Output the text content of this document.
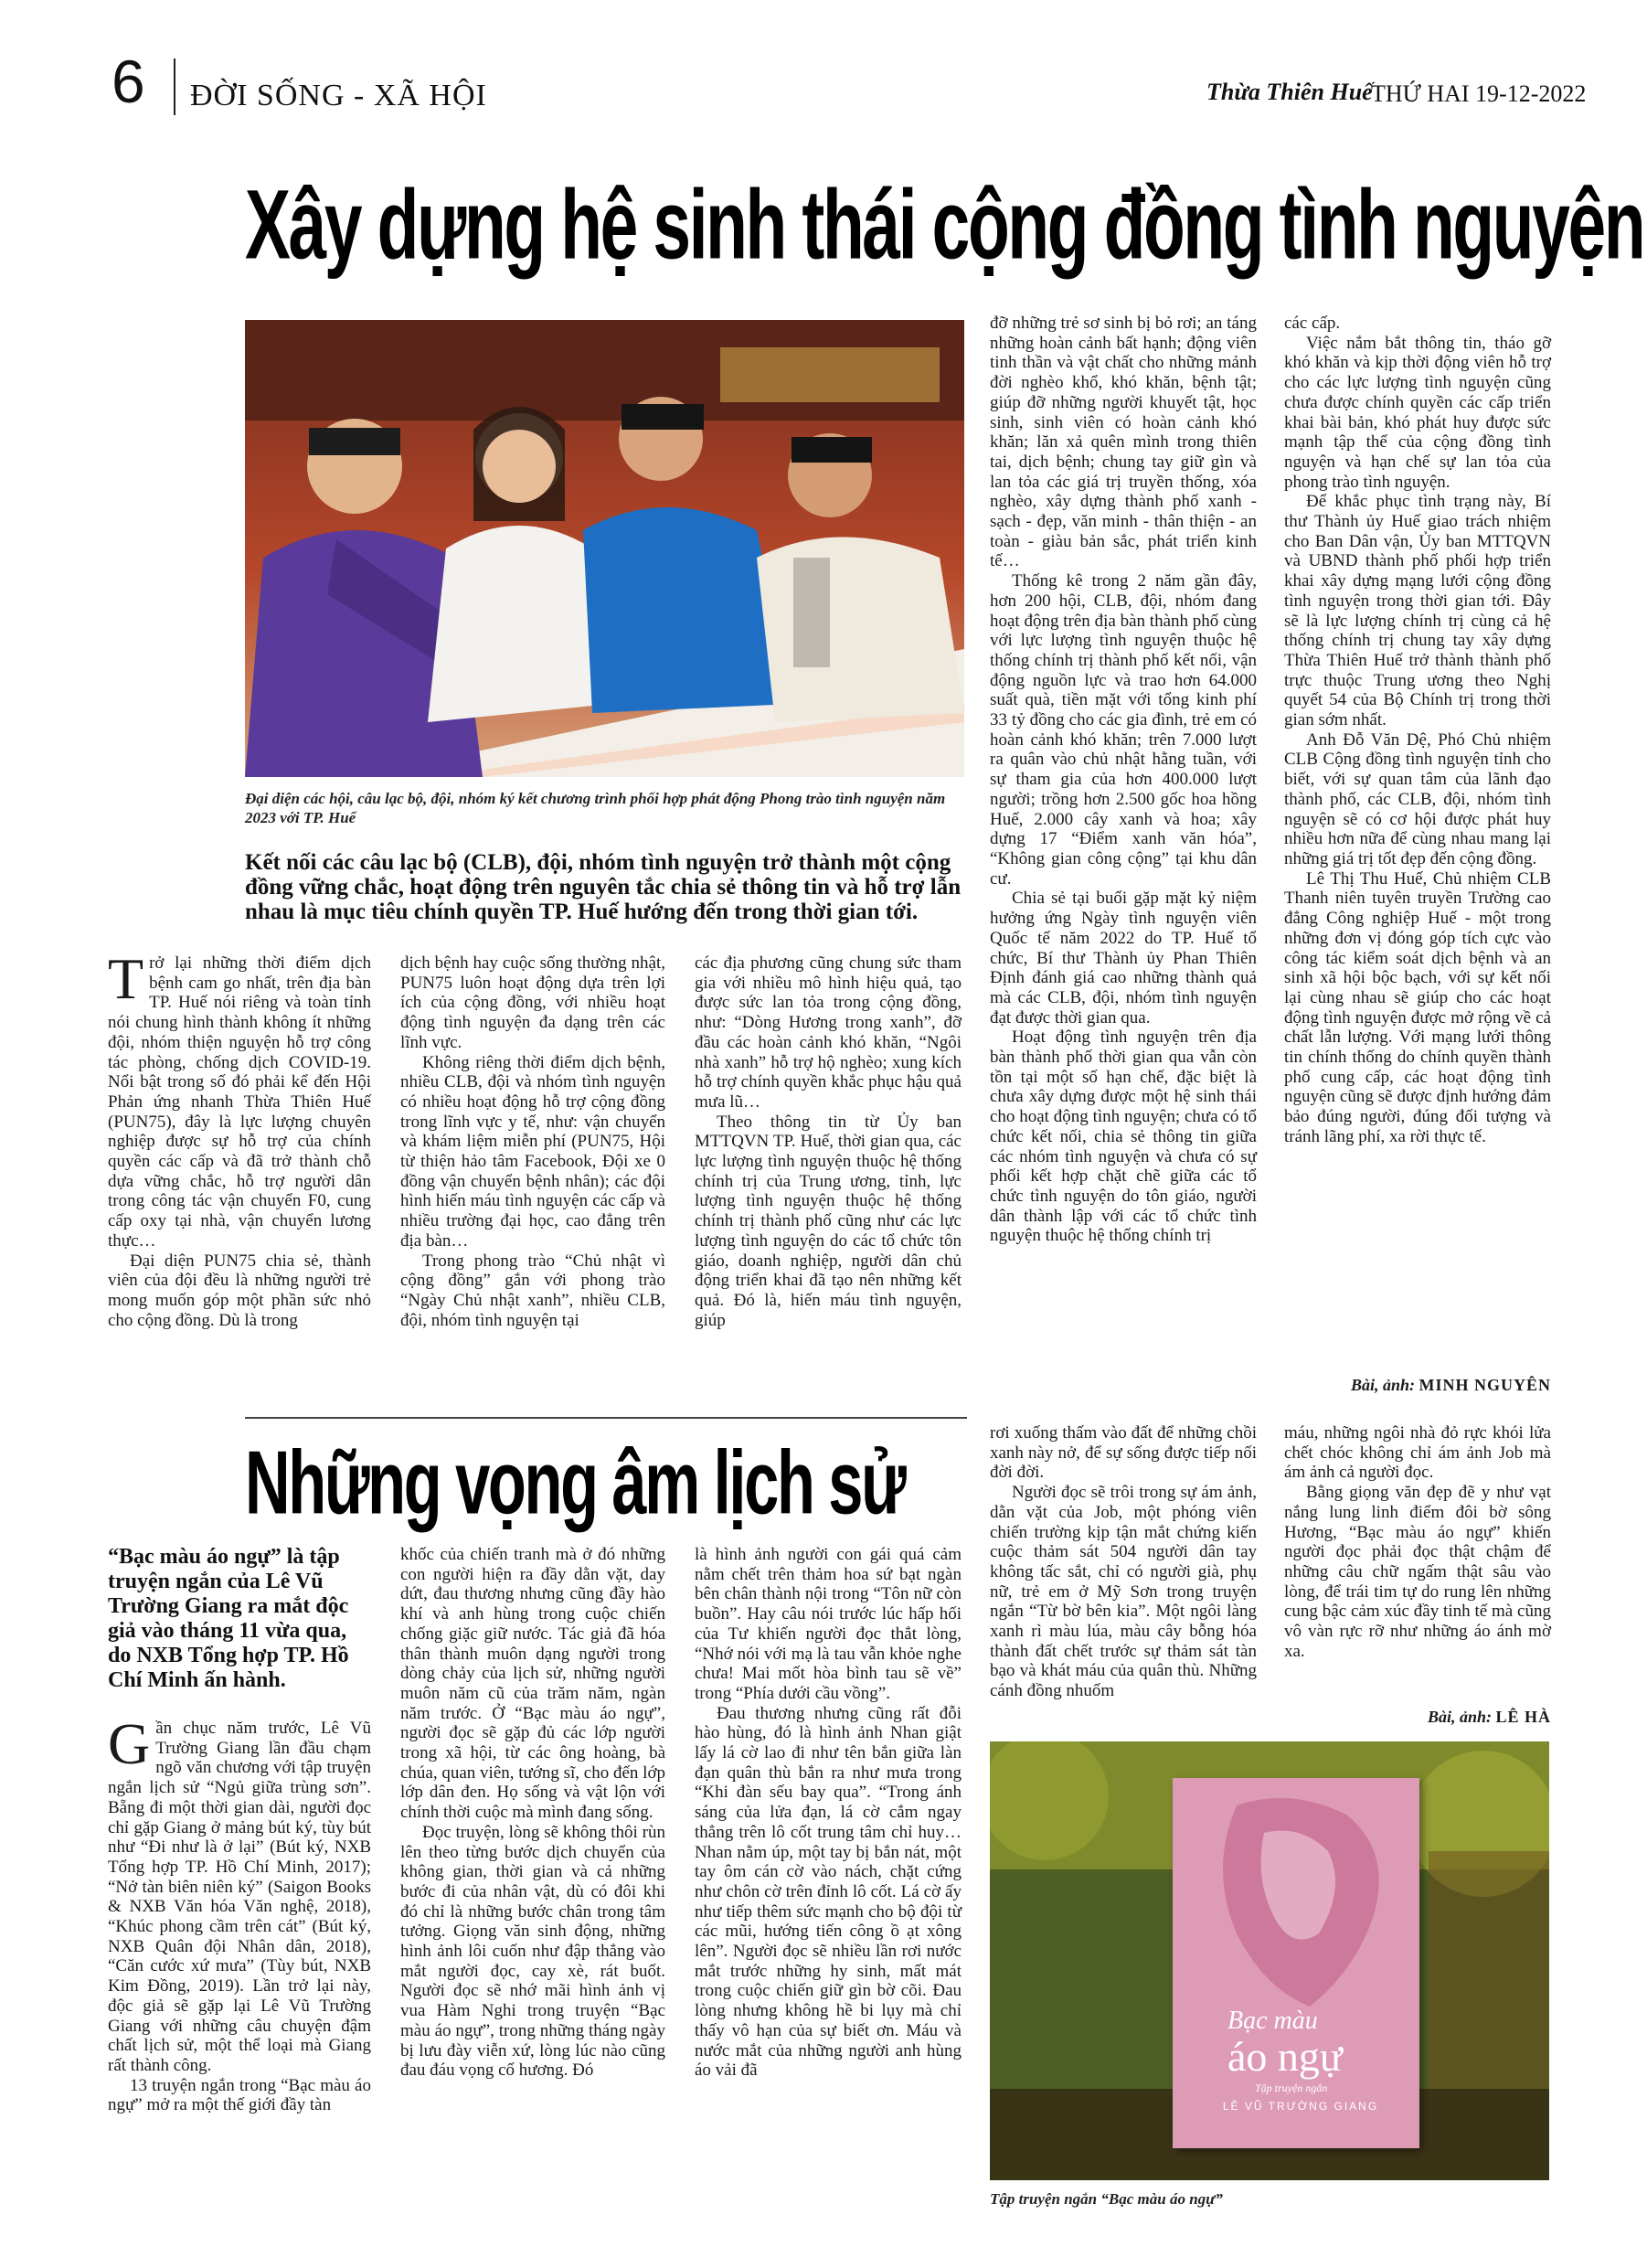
6 ĐỜI SỐNG - XÃ HỘI	Thừa Thiên Huế
THỨ HAI 19-12-2022
Xây dựng hệ sinh thái cộng đồng tình nguyện
Đại diện các hội, câu lạc bộ, đội, nhóm ký kết chương trình phối hợp phát động Phong trào tình nguyện năm 2023 với TP. Huế
Kết nối các câu lạc bộ (CLB), đội, nhóm tình nguyện trở thành một cộng đồng vững chắc, hoạt động trên nguyên tắc chia sẻ thông tin và hỗ trợ lẫn nhau là mục tiêu chính quyền TP. Huế hướng đến trong thời gian tới.
T rở lại những thời điểm dịch bệnh cam go nhất, trên địa bàn TP. Huế nói riêng và toàn tỉnh nói chung hình thành không ít những đội, nhóm thiện nguyện hỗ trợ công tác phòng, chống dịch COVID-19. Nổi bật trong số đó phải kể đến Hội Phản ứng nhanh Thừa Thiên Huế (PUN75), đây là lực lượng chuyên nghiệp được sự hỗ trợ của chính quyền các cấp và đã trở thành chỗ dựa vững chắc, hỗ trợ người dân trong công tác vận chuyển F0, cung cấp oxy tại nhà, vận chuyển lương thực…

Đại diện PUN75 chia sẻ, thành viên của đội đều là những người trẻ mong muốn góp một phần sức nhỏ cho cộng đồng. Dù là trong

dịch bệnh hay cuộc sống thường nhật, PUN75 luôn hoạt động dựa trên lợi ích của cộng đồng, với nhiều hoạt động tình nguyện đa dạng trên các lĩnh vực.

Không riêng thời điểm dịch bệnh, nhiều CLB, đội và nhóm tình nguyện có nhiều hoạt động hỗ trợ cộng đồng trong lĩnh vực y tế, như: vận chuyển và khám liệm miễn phí (PUN75, Hội từ thiện hảo tâm Facebook, Đội xe 0 đồng vận chuyển bệnh nhân); các đội hình hiến máu tình nguyện các cấp và nhiều trường đại học, cao đẳng trên địa bàn…

Trong phong trào “Chủ nhật vì cộng đồng” gắn với phong trào “Ngày Chủ nhật xanh”, nhiều CLB, đội, nhóm tình nguyện tại

các địa phương cũng chung sức tham gia với nhiều mô hình hiệu quả, tạo được sức lan tỏa trong cộng đồng, như: “Dòng Hương trong xanh”, đỡ đầu các hoàn cảnh khó khăn, “Ngôi nhà xanh” hỗ trợ hộ nghèo; xung kích hỗ trợ chính quyền khắc phục hậu quả mưa lũ…

Theo thông tin từ Ủy ban MTTQVN TP. Huế, thời gian qua, các lực lượng tình nguyện thuộc hệ thống chính trị của Trung ương, tỉnh, lực lượng tình nguyện thuộc hệ thống chính trị thành phố cũng như các lực lượng tình nguyện do các tổ chức tôn giáo, doanh nghiệp, người dân chủ động triển khai đã tạo nên những kết quả. Đó là, hiến máu tình nguyện, giúp

đỡ những trẻ sơ sinh bị bỏ rơi; an táng những hoàn cảnh bất hạnh; động viên tinh thần và vật chất cho những mảnh đời nghèo khổ, khó khăn, bệnh tật; giúp đỡ những người khuyết tật, học sinh, sinh viên có hoàn cảnh khó khăn; lăn xả quên mình trong thiên tai, dịch bệnh; chung tay giữ gìn và lan tỏa các giá trị truyền thống, xóa nghèo, xây dựng thành phố xanh - sạch - đẹp, văn minh - thân thiện - an toàn - giàu bản sắc, phát triển kinh tế…

Thống kê trong 2 năm gần đây, hơn 200 hội, CLB, đội, nhóm đang hoạt động trên địa bàn thành phố cùng với lực lượng tình nguyện thuộc hệ thống chính trị thành phố kết nối, vận động nguồn lực và trao hơn 64.000 suất quà, tiền mặt với tổng kinh phí 33 tỷ đồng cho các gia đình, trẻ em có hoàn cảnh khó khăn; trên 7.000 lượt ra quân vào chủ nhật hằng tuần, với sự tham gia của hơn 400.000 lượt người; trồng hơn 2.500 gốc hoa hồng Huế, 2.000 cây xanh và hoa; xây dựng 17 “Điểm xanh văn hóa”, “Không gian công cộng” tại khu dân cư.

Chia sẻ tại buổi gặp mặt kỷ niệm hưởng ứng Ngày tình nguyện viên Quốc tế năm 2022 do TP. Huế tổ chức, Bí thư Thành ủy Phan Thiên Định đánh giá cao những thành quả mà các CLB, đội, nhóm tình nguyện đạt được thời gian qua.

Hoạt động tình nguyện trên địa bàn thành phố thời gian qua vẫn còn tồn tại một số hạn chế, đặc biệt là chưa xây dựng được một hệ sinh thái cho hoạt động tình nguyện; chưa có tổ chức kết nối, chia sẻ thông tin giữa các nhóm tình nguyện và chưa có sự phối kết hợp chặt chẽ giữa các tổ chức tình nguyện do tôn giáo, người dân thành lập với các tổ chức tình nguyện thuộc hệ thống chính trị

các cấp.

Việc nắm bắt thông tin, tháo gỡ khó khăn và kịp thời động viên hỗ trợ cho các lực lượng tình nguyện cũng chưa được chính quyền các cấp triển khai bài bản, khó phát huy được sức mạnh tập thể của cộng đồng tình nguyện và hạn chế sự lan tỏa của phong trào tình nguyện.

Để khắc phục tình trạng này, Bí thư Thành ủy Huế giao trách nhiệm cho Ban Dân vận, Ủy ban MTTQVN và UBND thành phố phối hợp triển khai xây dựng mạng lưới cộng đồng tình nguyện trong thời gian tới. Đây sẽ là lực lượng chính trị cùng cả hệ thống chính trị chung tay xây dựng Thừa Thiên Huế trở thành thành phố trực thuộc Trung ương theo Nghị quyết 54 của Bộ Chính trị trong thời gian sớm nhất.

Anh Đỗ Văn Dệ, Phó Chủ nhiệm CLB Cộng đồng tình nguyện tỉnh cho biết, với sự quan tâm của lãnh đạo thành phố, các CLB, đội, nhóm tình nguyện sẽ có cơ hội được phát huy nhiều hơn nữa để cùng nhau mang lại những giá trị tốt đẹp đến cộng đồng.

Lê Thị Thu Huế, Chủ nhiệm CLB Thanh niên tuyên truyền Trường cao đẳng Công nghiệp Huế - một trong những đơn vị đóng góp tích cực vào công tác kiểm soát dịch bệnh và an sinh xã hội bộc bạch, với sự kết nối lại cùng nhau sẽ giúp cho các hoạt động tình nguyện được mở rộng về cả chất lẫn lượng. Với mạng lưới thông tin chính thống do chính quyền thành phố cung cấp, các hoạt động tình nguyện cũng sẽ được định hướng đảm bảo đúng người, đúng đối tượng và tránh lãng phí, xa rời thực tế.

Bài, ảnh: MINH NGUYÊN
Những vọng âm lịch sử
“Bạc màu áo ngự” là tập truyện ngắn của Lê Vũ Trường Giang ra mắt độc giả vào tháng 11 vừa qua, do NXB Tổng hợp TP. Hồ Chí Minh ấn hành.
G ần chục năm trước, Lê Vũ Trường Giang lần đầu chạm ngõ văn chương với tập truyện ngắn lịch sử “Ngủ giữa trùng sơn”. Bẵng đi một thời gian dài, người đọc chỉ gặp Giang ở mảng bút ký, tùy bút như “Đi như là ở lại” (Bút ký, NXB Tổng hợp TP. Hồ Chí Minh, 2017); “Nở tàn biên niên ký” (Saigon Books & NXB Văn hóa Văn nghệ, 2018), “Khúc phong cầm trên cát” (Bút ký, NXB Quân đội Nhân dân, 2018), “Căn cước xứ mưa” (Tùy bút, NXB Kim Đồng, 2019). Lần trở lại này, độc giả sẽ gặp lại Lê Vũ Trường Giang với những câu chuyện đậm chất lịch sử, một thể loại mà Giang rất thành công.

13 truyện ngắn trong “Bạc màu áo ngự” mở ra một thế giới đầy tàn

khốc của chiến tranh mà ở đó những con người hiện ra đầy dằn vặt, day dứt, đau thương nhưng cũng đầy hào khí và anh hùng trong cuộc chiến chống giặc giữ nước. Tác giả đã hóa thân thành muôn dạng người trong dòng chảy của lịch sử, những người muôn năm cũ của trăm năm, ngàn năm trước. Ở “Bạc màu áo ngự”, người đọc sẽ gặp đủ các lớp người trong xã hội, từ các ông hoàng, bà chúa, quan viên, tướng sĩ, cho đến lớp lớp dân đen. Họ sống và vật lộn với chính thời cuộc mà mình đang sống.

Đọc truyện, lòng sẽ không thôi rùn lên theo từng bước dịch chuyển của không gian, thời gian và cả những bước đi của nhân vật, dù có đôi khi đó chỉ là những bước chân trong tâm tưởng. Giọng văn sinh động, những hình ảnh lôi cuốn như đập thẳng vào mắt người đọc, cay xè, rát buốt. Người đọc sẽ nhớ mãi hình ảnh vị vua Hàm Nghi trong truyện “Bạc màu áo ngự”, trong những tháng ngày bị lưu đày viễn xứ, lòng lúc nào cũng đau đáu vọng cố hương. Đó

là hình ảnh người con gái quá cảm nằm chết trên thảm hoa sứ bạt ngàn bên chân thành nội trong “Tôn nữ còn buồn”. Hay câu nói trước lúc hấp hối của Tư khiến người đọc thắt lòng, “Nhớ nói với mạ là tau vẫn khỏe nghe chưa! Mai mốt hòa bình tau sẽ về” trong “Phía dưới cầu vồng”.

Đau thương nhưng cũng rất đỗi hào hùng, đó là hình ảnh Nhan giật lấy lá cờ lao đi như tên bắn giữa làn đạn quân thù bắn ra như mưa trong “Khi đàn sếu bay qua”. “Trong ánh sáng của lửa đạn, lá cờ cắm ngay thẳng trên lô cốt trung tâm chỉ huy… Nhan nằm úp, một tay bị bắn nát, một tay ôm cán cờ vào nách, chặt cứng như chôn cờ trên đỉnh lô cốt. Lá cờ ấy như tiếp thêm sức mạnh cho bộ đội từ các mũi, hướng tiến công ồ ạt xông lên”. Người đọc sẽ nhiều lần rơi nước mắt trước những hy sinh, mất mát trong cuộc chiến giữ gìn bờ cõi. Đau lòng nhưng không hề bi lụy mà chỉ thấy vô hạn của sự biết ơn. Máu và nước mắt của những người anh hùng áo vải đã

rơi xuống thấm vào đất để những chồi xanh này nở, để sự sống được tiếp nối đời đời.

Người đọc sẽ trôi trong sự ám ảnh, dằn vặt của Job, một phóng viên chiến trường kịp tận mắt chứng kiến cuộc thảm sát 504 người dân tay không tấc sắt, chỉ có người già, phụ nữ, trẻ em ở Mỹ Sơn trong truyện ngắn “Từ bờ bên kia”. Một ngôi làng xanh rì màu lúa, màu cây bỗng hóa thành đất chết trước sự thảm sát tàn bạo và khát máu của quân thù. Những cánh đồng nhuốm

máu, những ngôi nhà đỏ rực khói lửa chết chóc không chỉ ám ảnh Job mà ám ảnh cả người đọc.

Bằng giọng văn đẹp đẽ y như vạt nắng lung linh điểm đôi bờ sông Hương, “Bạc màu áo ngự” khiến người đọc phải đọc thật chậm để những câu chữ ngấm thật sâu vào lòng, để trái tim tự do rung lên những cung bậc cảm xúc đầy tinh tế mà cũng vô vàn rực rỡ như những áo ánh mờ xa.

Bài, ảnh: LÊ HÀ
Bạc màu
áo ngự
Tập truyện ngắn
LÊ VŨ TRƯỜNG GIANG
Tập truyện ngắn “Bạc màu áo ngự”
